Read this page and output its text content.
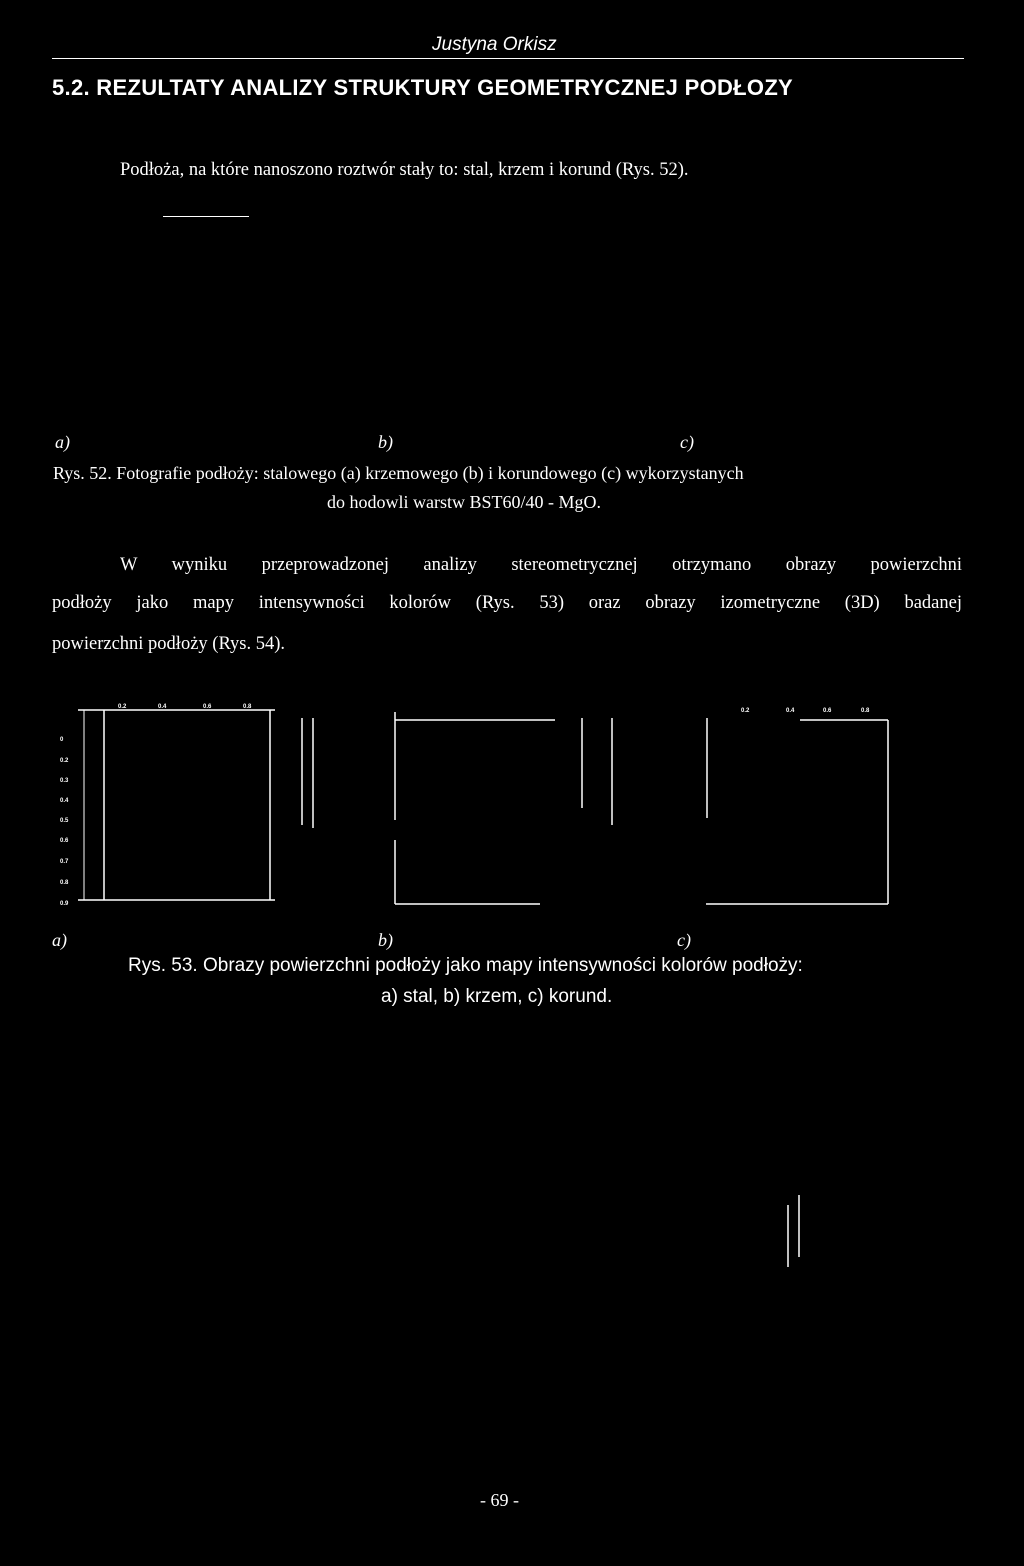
Justyna Orkisz
5.2. REZULTATY ANALIZY STRUKTURY GEOMETRYCZNEJ PODŁOZY
Podłoża, na które nanoszono roztwór stały to: stal, krzem i korund (Rys. 52).
a)	b)	c)
Rys. 52. Fotografie podłoży: stalowego (a) krzemowego (b) i korundowego (c) wykorzystanych
do hodowli warstw BST60/40 - MgO.
W wyniku przeprowadzonej analizy stereometrycznej otrzymano obrazy powierzchni
podłoży jako mapy intensywności kolorów (Rys. 53) oraz obrazy izometryczne (3D) badanej
powierzchni podłoży (Rys. 54).
0.2	0.4	0.6	0.8
0
0.2
0.3
0.4
0.5
0.6
0.7
0.8
0.9
0.2	0.4	0.6	0.8
a)	b)	c)
Rys. 53. Obrazy powierzchni podłoży jako mapy intensywności kolorów podłoży:
a) stal, b) krzem, c) korund.
- 69 -
